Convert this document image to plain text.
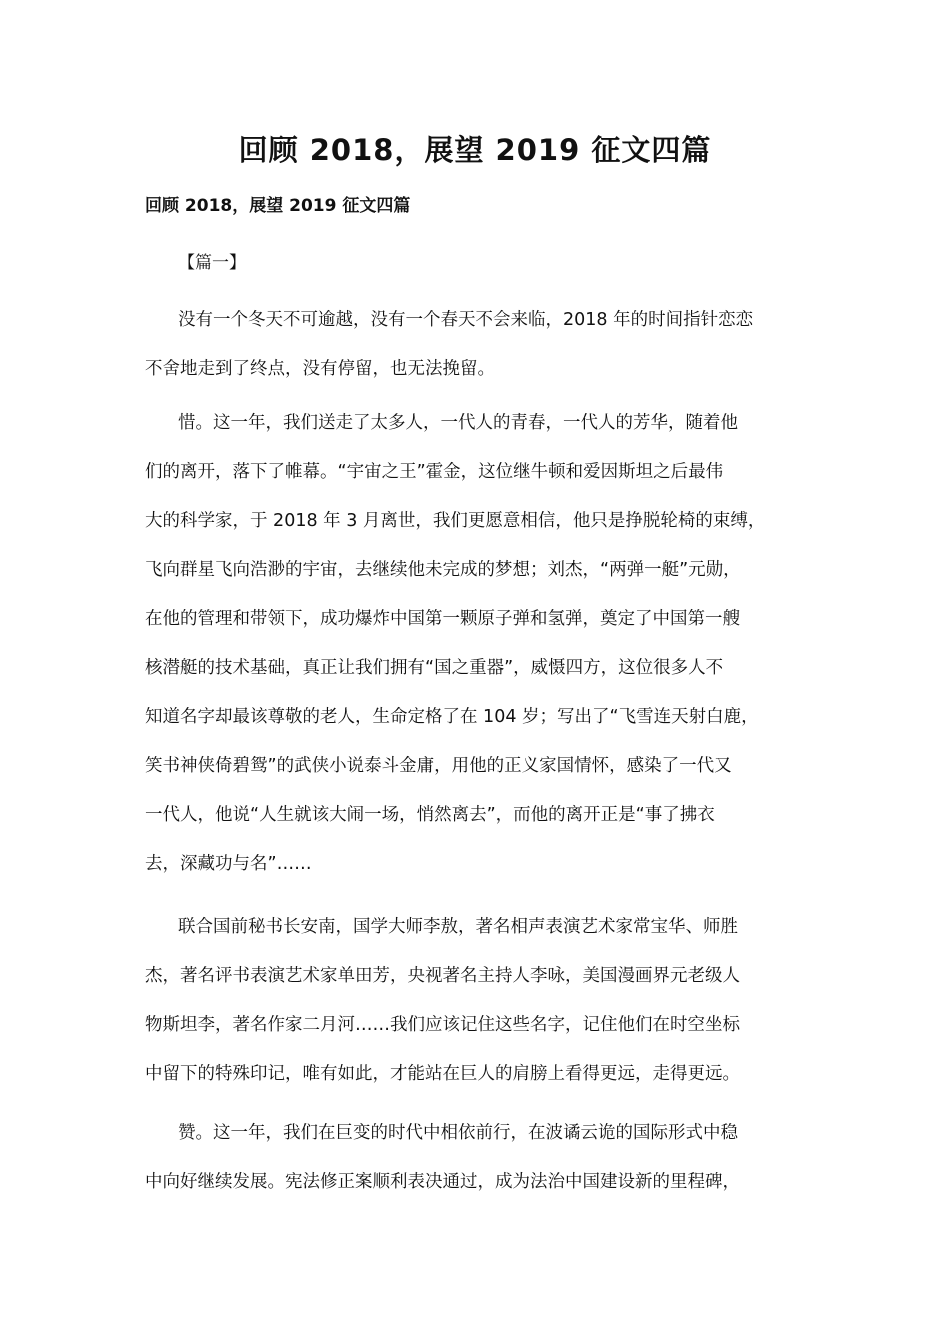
回顾 2018，展望 2019 征文四篇
回顾 2018，展望 2019 征文四篇
【篇一】
没有一个冬天不可逾越，没有一个春天不会来临，2018 年的时间指针恋恋
不舍地走到了终点，没有停留，也无法挽留。
惜。这一年，我们送走了太多人，一代人的青春，一代人的芳华，随着他
们的离开，落下了帷幕。“宇宙之王”霍金，这位继牛顿和爱因斯坦之后最伟
大的科学家，于 2018 年 3 月离世，我们更愿意相信，他只是挣脱轮椅的束缚，
飞向群星飞向浩渺的宇宙，去继续他未完成的梦想；刘杰，“两弹一艇”元勋，
在他的管理和带领下，成功爆炸中国第一颗原子弹和氢弹，奠定了中国第一艘
核潜艇的技术基础，真正让我们拥有“国之重器”，威慑四方，这位很多人不
知道名字却最该尊敬的老人，生命定格了在 104 岁；写出了“飞雪连天射白鹿，
笑书神侠倚碧鸳”的武侠小说泰斗金庸，用他的正义家国情怀，感染了一代又
一代人，他说“人生就该大闹一场，悄然离去”，而他的离开正是“事了拂衣
去，深藏功与名”……
联合国前秘书长安南，国学大师李敖，著名相声表演艺术家常宝华、师胜
杰，著名评书表演艺术家单田芳，央视著名主持人李咏，美国漫画界元老级人
物斯坦李，著名作家二月河……我们应该记住这些名字，记住他们在时空坐标
中留下的特殊印记，唯有如此，才能站在巨人的肩膀上看得更远，走得更远。
赞。这一年，我们在巨变的时代中相依前行，在波谲云诡的国际形式中稳
中向好继续发展。宪法修正案顺利表决通过，成为法治中国建设新的里程碑，
